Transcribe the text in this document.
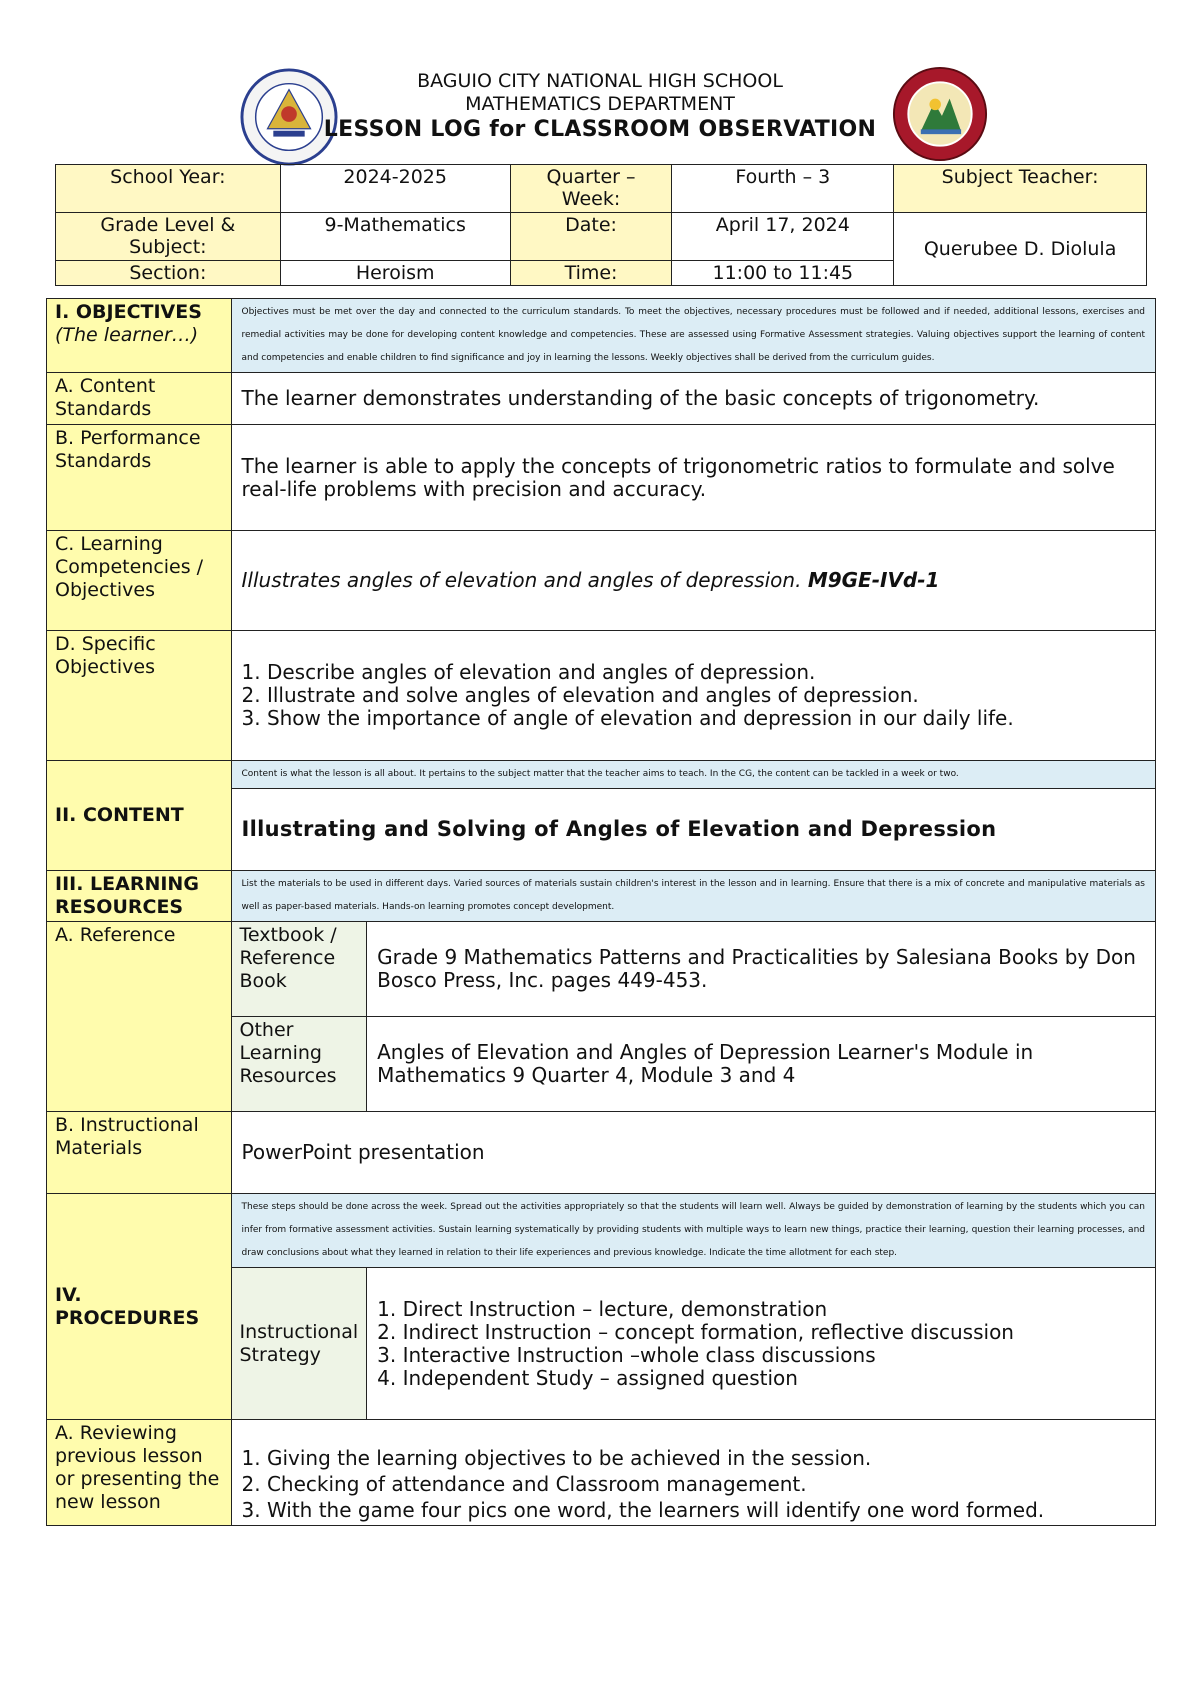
BAGUIO CITY NATIONAL HIGH SCHOOL
MATHEMATICS DEPARTMENT
LESSON LOG for CLASSROOM OBSERVATION
School Year:	2024-2025	Quarter – Week:	Fourth – 3	Subject Teacher:
Grade Level & Subject:	9-Mathematics	Date:	April 17, 2024	Querubee D. Diolula
Section:	Heroism	Time:	11:00 to 11:45	
I. OBJECTIVES
(The learner…)	Objectives must be met over the day and connected to the curriculum standards. To meet the objectives, necessary procedures must be followed and if needed, additional lessons, exercises and remedial activities may be done for developing content knowledge and competencies. These are assessed using Formative Assessment strategies. Valuing objectives support the learning of content and competencies and enable children to find significance and joy in learning the lessons. Weekly objectives shall be derived from the curriculum guides.	
A. Content Standards	The learner demonstrates understanding of the basic concepts of trigonometry.	
B. Performance Standards	The learner is able to apply the concepts of trigonometric ratios to formulate and solve real-life problems with precision and accuracy.	
C. Learning Competencies / Objectives	Illustrates angles of elevation and angles of depression. M9GE-IVd-1	
D. Specific Objectives	1. Describe angles of elevation and angles of depression.
2. Illustrate and solve angles of elevation and angles of depression.
3. Show the importance of angle of elevation and depression in our daily life.	

II. CONTENT	Content is what the lesson is all about. It pertains to the subject matter that the teacher aims to teach. In the CG, the content can be tackled in a week or two.	
	Illustrating and Solving of Angles of Elevation and Depression	
III. LEARNING RESOURCES	List the materials to be used in different days. Varied sources of materials sustain children's interest in the lesson and in learning. Ensure that there is a mix of concrete and manipulative materials as well as paper-based materials. Hands-on learning promotes concept development.	
A. Reference	Textbook / Reference Book	Grade 9 Mathematics Patterns and Practicalities by Salesiana Books by Don Bosco Press, Inc. pages 449-453.
	Other Learning Resources	Angles of Elevation and Angles of Depression Learner's Module in Mathematics 9 Quarter 4, Module 3 and 4
B. Instructional Materials	PowerPoint presentation	
IV. PROCEDURES	These steps should be done across the week. Spread out the activities appropriately so that the students will learn well. Always be guided by demonstration of learning by the students which you can infer from formative assessment activities. Sustain learning systematically by providing students with multiple ways to learn new things, practice their learning, question their learning processes, and draw conclusions about what they learned in relation to their life experiences and previous knowledge. Indicate the time allotment for each step.	
	Instructional Strategy	1. Direct Instruction – lecture, demonstration
2. Indirect Instruction – concept formation, reflective discussion
3. Interactive Instruction –whole class discussions
4. Independent Study – assigned question

A. Reviewing previous lesson or presenting the new lesson	1. Giving the learning objectives to be achieved in the session.
2. Checking of attendance and Classroom management.
3. With the game four pics one word, the learners will identify one word formed.	
